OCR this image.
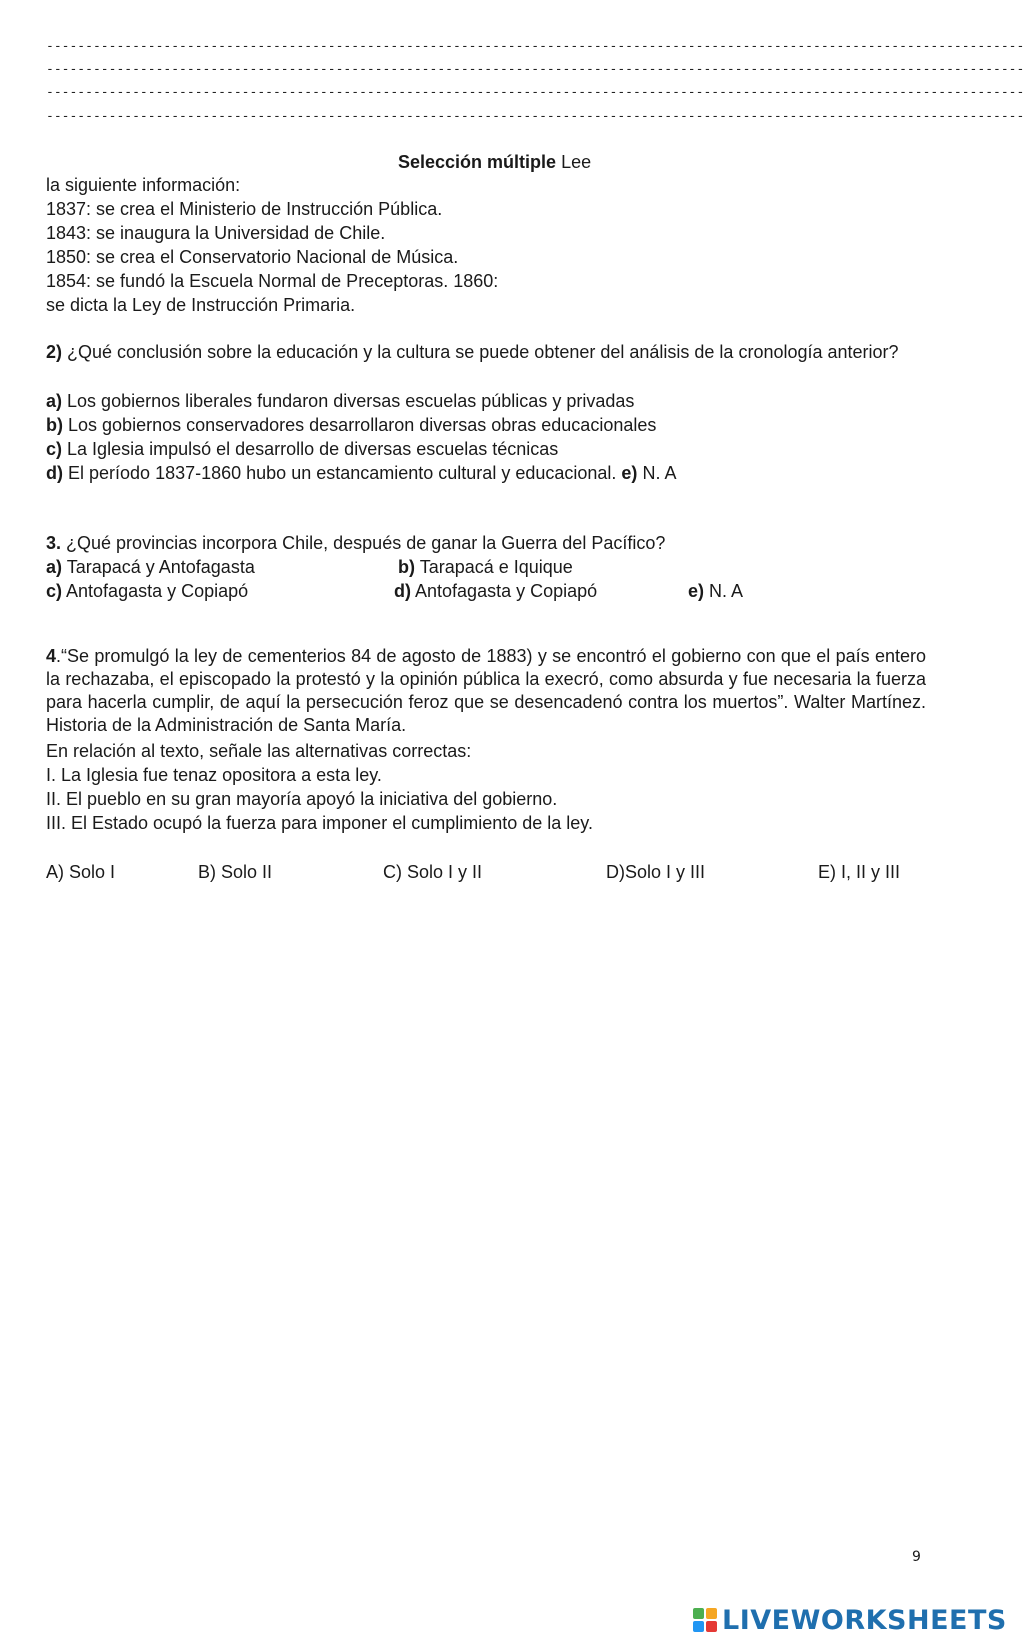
-----------------------------------------------------------------------------------------------------------------------------
-----------------------------------------------------------------------------------------------------------------------------
-----------------------------------------------------------------------------------------------------------------------------
-----------------------------------------------------------------------------------------------------------------------------
Selección múltiple Lee
la siguiente información:
1837: se crea el Ministerio de Instrucción Pública.
1843: se inaugura la Universidad de Chile.
1850: se crea el Conservatorio Nacional de Música.
1854: se fundó la Escuela Normal de Preceptoras. 1860:
se dicta la Ley de Instrucción Primaria.
2) ¿Qué conclusión sobre la educación y la cultura se puede obtener del análisis de la cronología anterior?
a) Los gobiernos liberales fundaron diversas escuelas públicas y privadas
b) Los gobiernos conservadores desarrollaron diversas obras educacionales
c) La Iglesia impulsó el desarrollo de diversas escuelas técnicas
d) El período 1837-1860 hubo un estancamiento cultural y educacional. e) N. A
3. ¿Qué provincias incorpora Chile, después de ganar la Guerra del Pacífico?
a) Tarapacá y Antofagasta	b) Tarapacá e Iquique
c) Antofagasta y Copiapó	d) Antofagasta y Copiapó	e) N. A
4.“Se promulgó la ley de cementerios 84 de agosto de 1883) y se encontró el gobierno con que el país entero la rechazaba, el episcopado la protestó y la opinión pública la execró, como absurda y fue necesaria la fuerza para hacerla cumplir, de aquí la persecución feroz que se desencadenó contra los muertos”. Walter Martínez. Historia de la Administración de Santa María.
En relación al texto, señale las alternativas correctas:
I. La Iglesia fue tenaz opositora a esta ley.
II. El pueblo en su gran mayoría apoyó la iniciativa del gobierno.
III. El Estado ocupó la fuerza para imponer el cumplimiento de la ley.
A) Solo I	B) Solo II	C) Solo I y II	D)Solo I y III	E) I, II y III
9
LIVEWORKSHEETS
